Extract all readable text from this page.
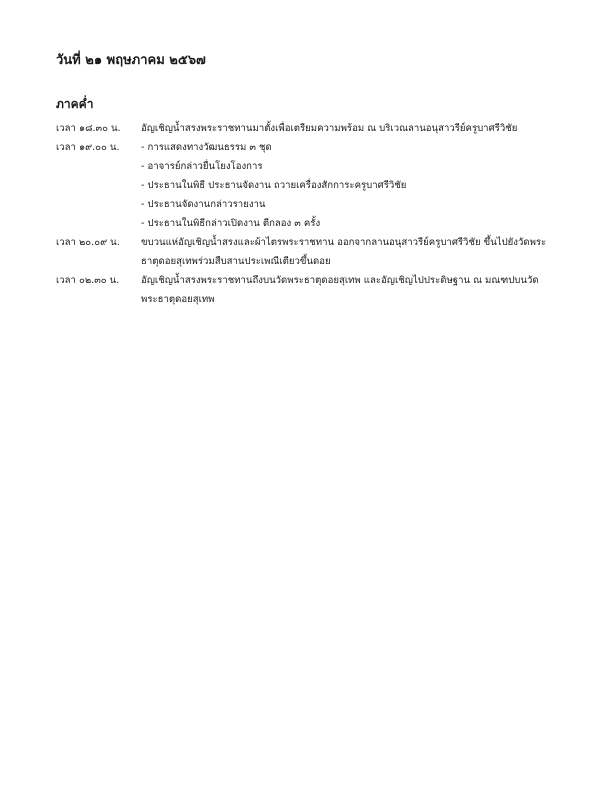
วันที่ ๒๑ พฤษภาคม ๒๕๖๗
ภาคค่ำ
เวลา ๑๘.๓๐ น.	อัญเชิญน้ำสรงพระราชทานมาตั้งเพื่อเตรียมความพร้อม ณ บริเวณลานอนุสาวรีย์ครูบาศรีวิชัย
เวลา ๑๙.๐๐ น.	- การแสดงทางวัฒนธรรม ๓ ชุด
- อาจารย์กล่าวยื่นโยงโองการ
- ประธานในพิธี ประธานจัดงาน ถวายเครื่องสักการะครูบาศรีวิชัย
- ประธานจัดงานกล่าวรายงาน
- ประธานในพิธีกล่าวเปิดงาน ตีกลอง ๓ ครั้ง
เวลา ๒๐.๐๙ น.	ขบวนแห่อัญเชิญน้ำสรงและผ้าไตรพระราชทาน ออกจากลานอนุสาวรีย์ครูบาศรีวิชัย ขึ้นไปยังวัดพระ
ธาตุดอยสุเทพร่วมสืบสานประเพณีเตียวขึ้นดอย
เวลา ๐๒.๓๐ น.	อัญเชิญน้ำสรงพระราชทานถึงบนวัดพระธาตุดอยสุเทพ และอัญเชิญไปประดิษฐาน ณ มณฑปบนวัด
พระธาตุดอยสุเทพ
